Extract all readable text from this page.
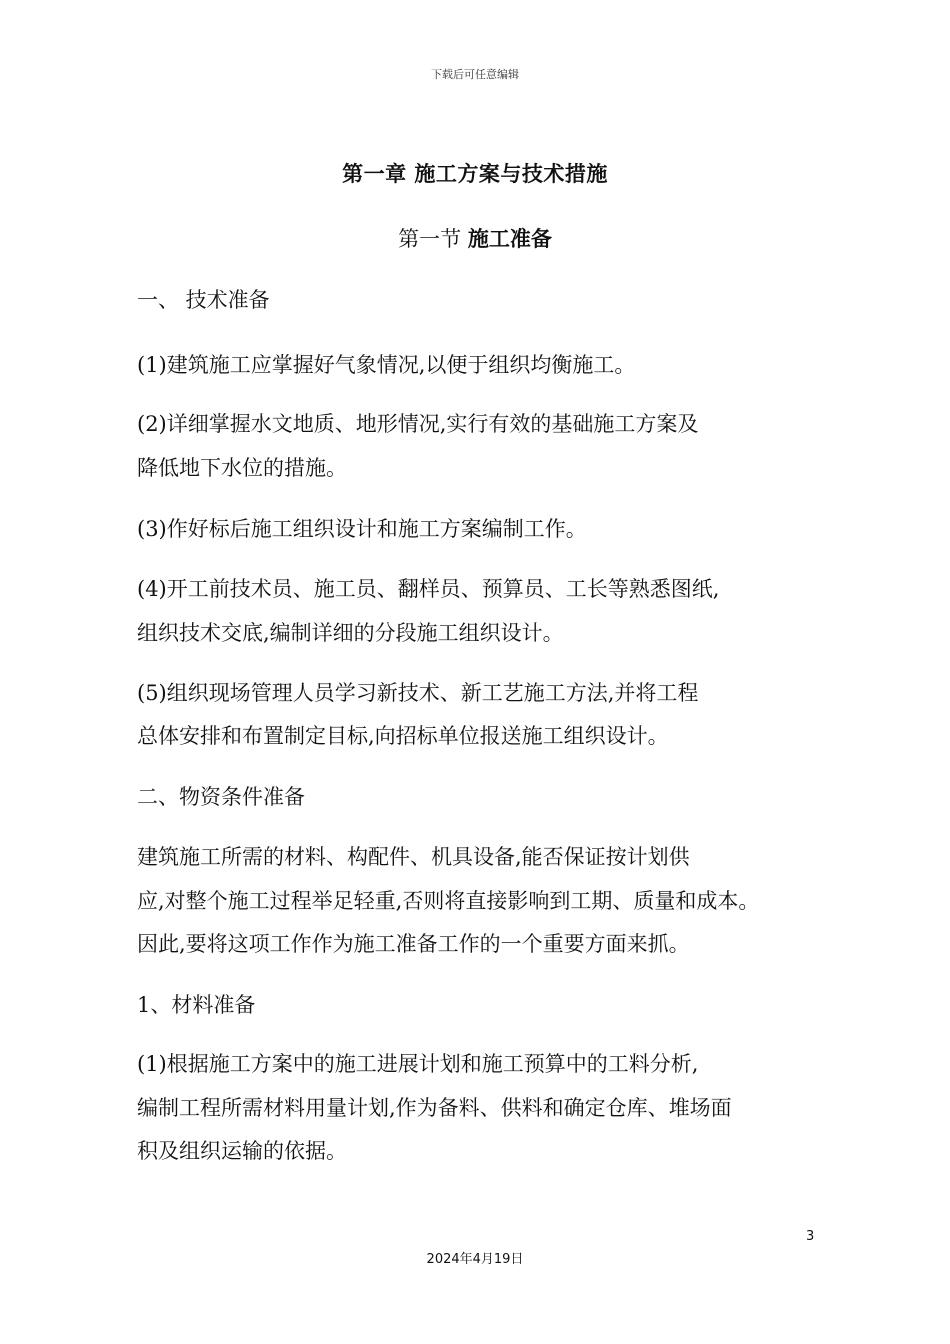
下载后可任意编辑
第一章 施工方案与技术措施
第一节 施工准备
一、 技术准备
(1)建筑施工应掌握好气象情况,以便于组织均衡施工。
(2)详细掌握水文地质、地形情况,实行有效的基础施工方案及
降低地下水位的措施。
(3)作好标后施工组织设计和施工方案编制工作。
(4)开工前技术员、施工员、翻样员、预算员、工长等熟悉图纸,
组织技术交底,编制详细的分段施工组织设计。
(5)组织现场管理人员学习新技术、新工艺施工方法,并将工程
总体安排和布置制定目标,向招标单位报送施工组织设计。
二、物资条件准备
建筑施工所需的材料、构配件、机具设备,能否保证按计划供
应,对整个施工过程举足轻重,否则将直接影响到工期、质量和成本。
因此,要将这项工作作为施工准备工作的一个重要方面来抓。
1、材料准备
(1)根据施工方案中的施工进展计划和施工预算中的工料分析,
编制工程所需材料用量计划,作为备料、供料和确定仓库、堆场面
积及组织运输的依据。
3
2024年4月19日
